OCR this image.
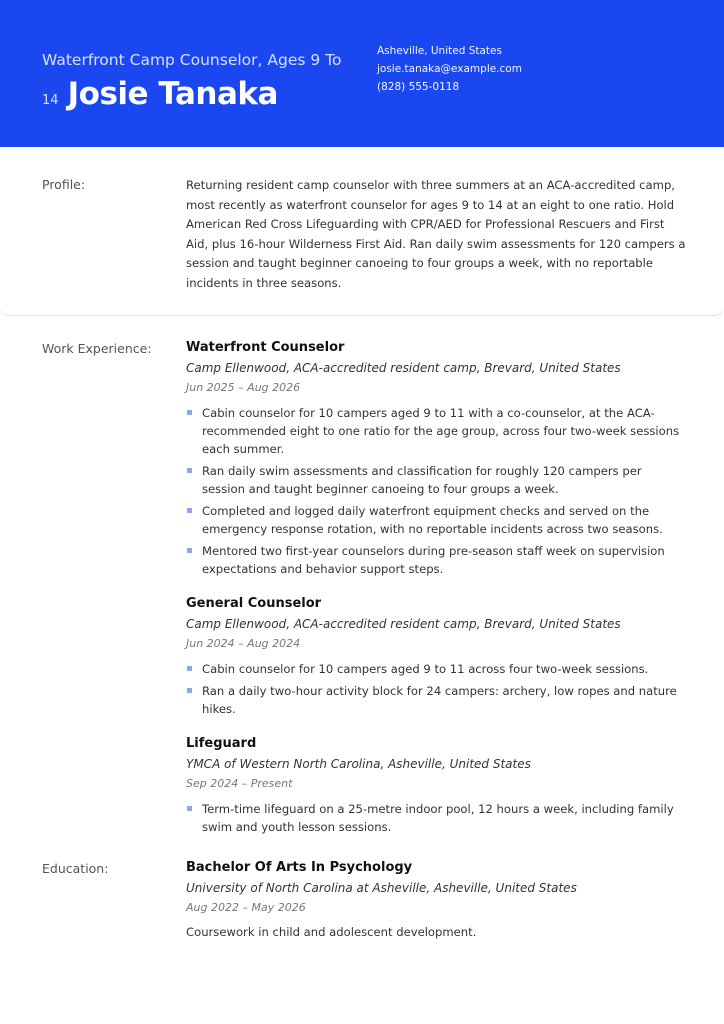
Waterfront Camp Counselor, Ages 9 To
14 Josie Tanaka
Asheville, United States
josie.tanaka@example.com
(828) 555-0118
Profile:	Returning resident camp counselor with three summers at an ACA-accredited camp, most recently as waterfront counselor for ages 9 to 14 at an eight to one ratio. Hold American Red Cross Lifeguarding with CPR/AED for Professional Rescuers and First Aid, plus 16-hour Wilderness First Aid. Ran daily swim assessments for 120 campers a session and taught beginner canoeing to four groups a week, with no reportable incidents in three seasons.
Work Experience:	Waterfront Counselor
Camp Ellenwood, ACA-accredited resident camp, Brevard, United States
Jun 2025 – Aug 2026
Cabin counselor for 10 campers aged 9 to 11 with a co-counselor, at the ACA-recommended eight to one ratio for the age group, across four two-week sessions each summer.
Ran daily swim assessments and classification for roughly 120 campers per session and taught beginner canoeing to four groups a week.
Completed and logged daily waterfront equipment checks and served on the emergency response rotation, with no reportable incidents across two seasons.
Mentored two first-year counselors during pre-season staff week on supervision expectations and behavior support steps.
General Counselor
Camp Ellenwood, ACA-accredited resident camp, Brevard, United States
Jun 2024 – Aug 2024
Cabin counselor for 10 campers aged 9 to 11 across four two-week sessions.
Ran a daily two-hour activity block for 24 campers: archery, low ropes and nature hikes.
Lifeguard
YMCA of Western North Carolina, Asheville, United States
Sep 2024 – Present
Term-time lifeguard on a 25-metre indoor pool, 12 hours a week, including family swim and youth lesson sessions.
Education:	Bachelor Of Arts In Psychology
University of North Carolina at Asheville, Asheville, United States
Aug 2022 – May 2026
Coursework in child and adolescent development.
